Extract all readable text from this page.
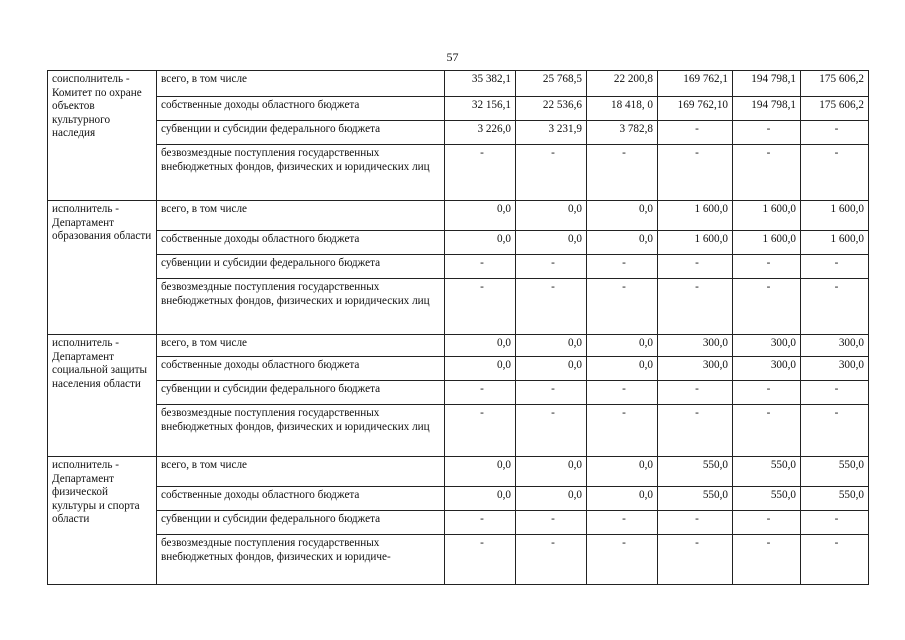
57
соисполнитель - Комитет по охране объектов культурного наследия	всего, в том числе	35 382,1	25 768,5	22 200,8	169 762,1	194 798,1	175 606,2
	собственные доходы областного бюджета	32 156,1	22 536,6	18 418, 0	169 762,10	194 798,1	175 606,2
	субвенции и субсидии федерального бюджета	3 226,0	3 231,9	3 782,8	-	-	-
	безвозмездные поступления государственных внебюджетных фондов, физических и юридических лиц	-	-	-	-	-	-
исполнитель - Департамент образования области	всего, в том числе	0,0	0,0	0,0	1 600,0	1 600,0	1 600,0
	собственные доходы областного бюджета	0,0	0,0	0,0	1 600,0	1 600,0	1 600,0
	субвенции и субсидии федерального бюджета	-	-	-	-	-	-
	безвозмездные поступления государственных внебюджетных фондов, физических и юридических лиц	-	-	-	-	-	-
исполнитель - Департамент социальной защиты населения области	всего, в том числе	0,0	0,0	0,0	300,0	300,0	300,0
	собственные доходы областного бюджета	0,0	0,0	0,0	300,0	300,0	300,0
	субвенции и субсидии федерального бюджета	-	-	-	-	-	-
	безвозмездные поступления государственных внебюджетных фондов, физических и юридических лиц	-	-	-	-	-	-
исполнитель - Департамент физической культуры и спорта области	всего, в том числе	0,0	0,0	0,0	550,0	550,0	550,0
	собственные доходы областного бюджета	0,0	0,0	0,0	550,0	550,0	550,0
	субвенции и субсидии федерального бюджета	-	-	-	-	-	-
	безвозмездные поступления государственных внебюджетных фондов, физических и юридиче-	-	-	-	-	-	-
